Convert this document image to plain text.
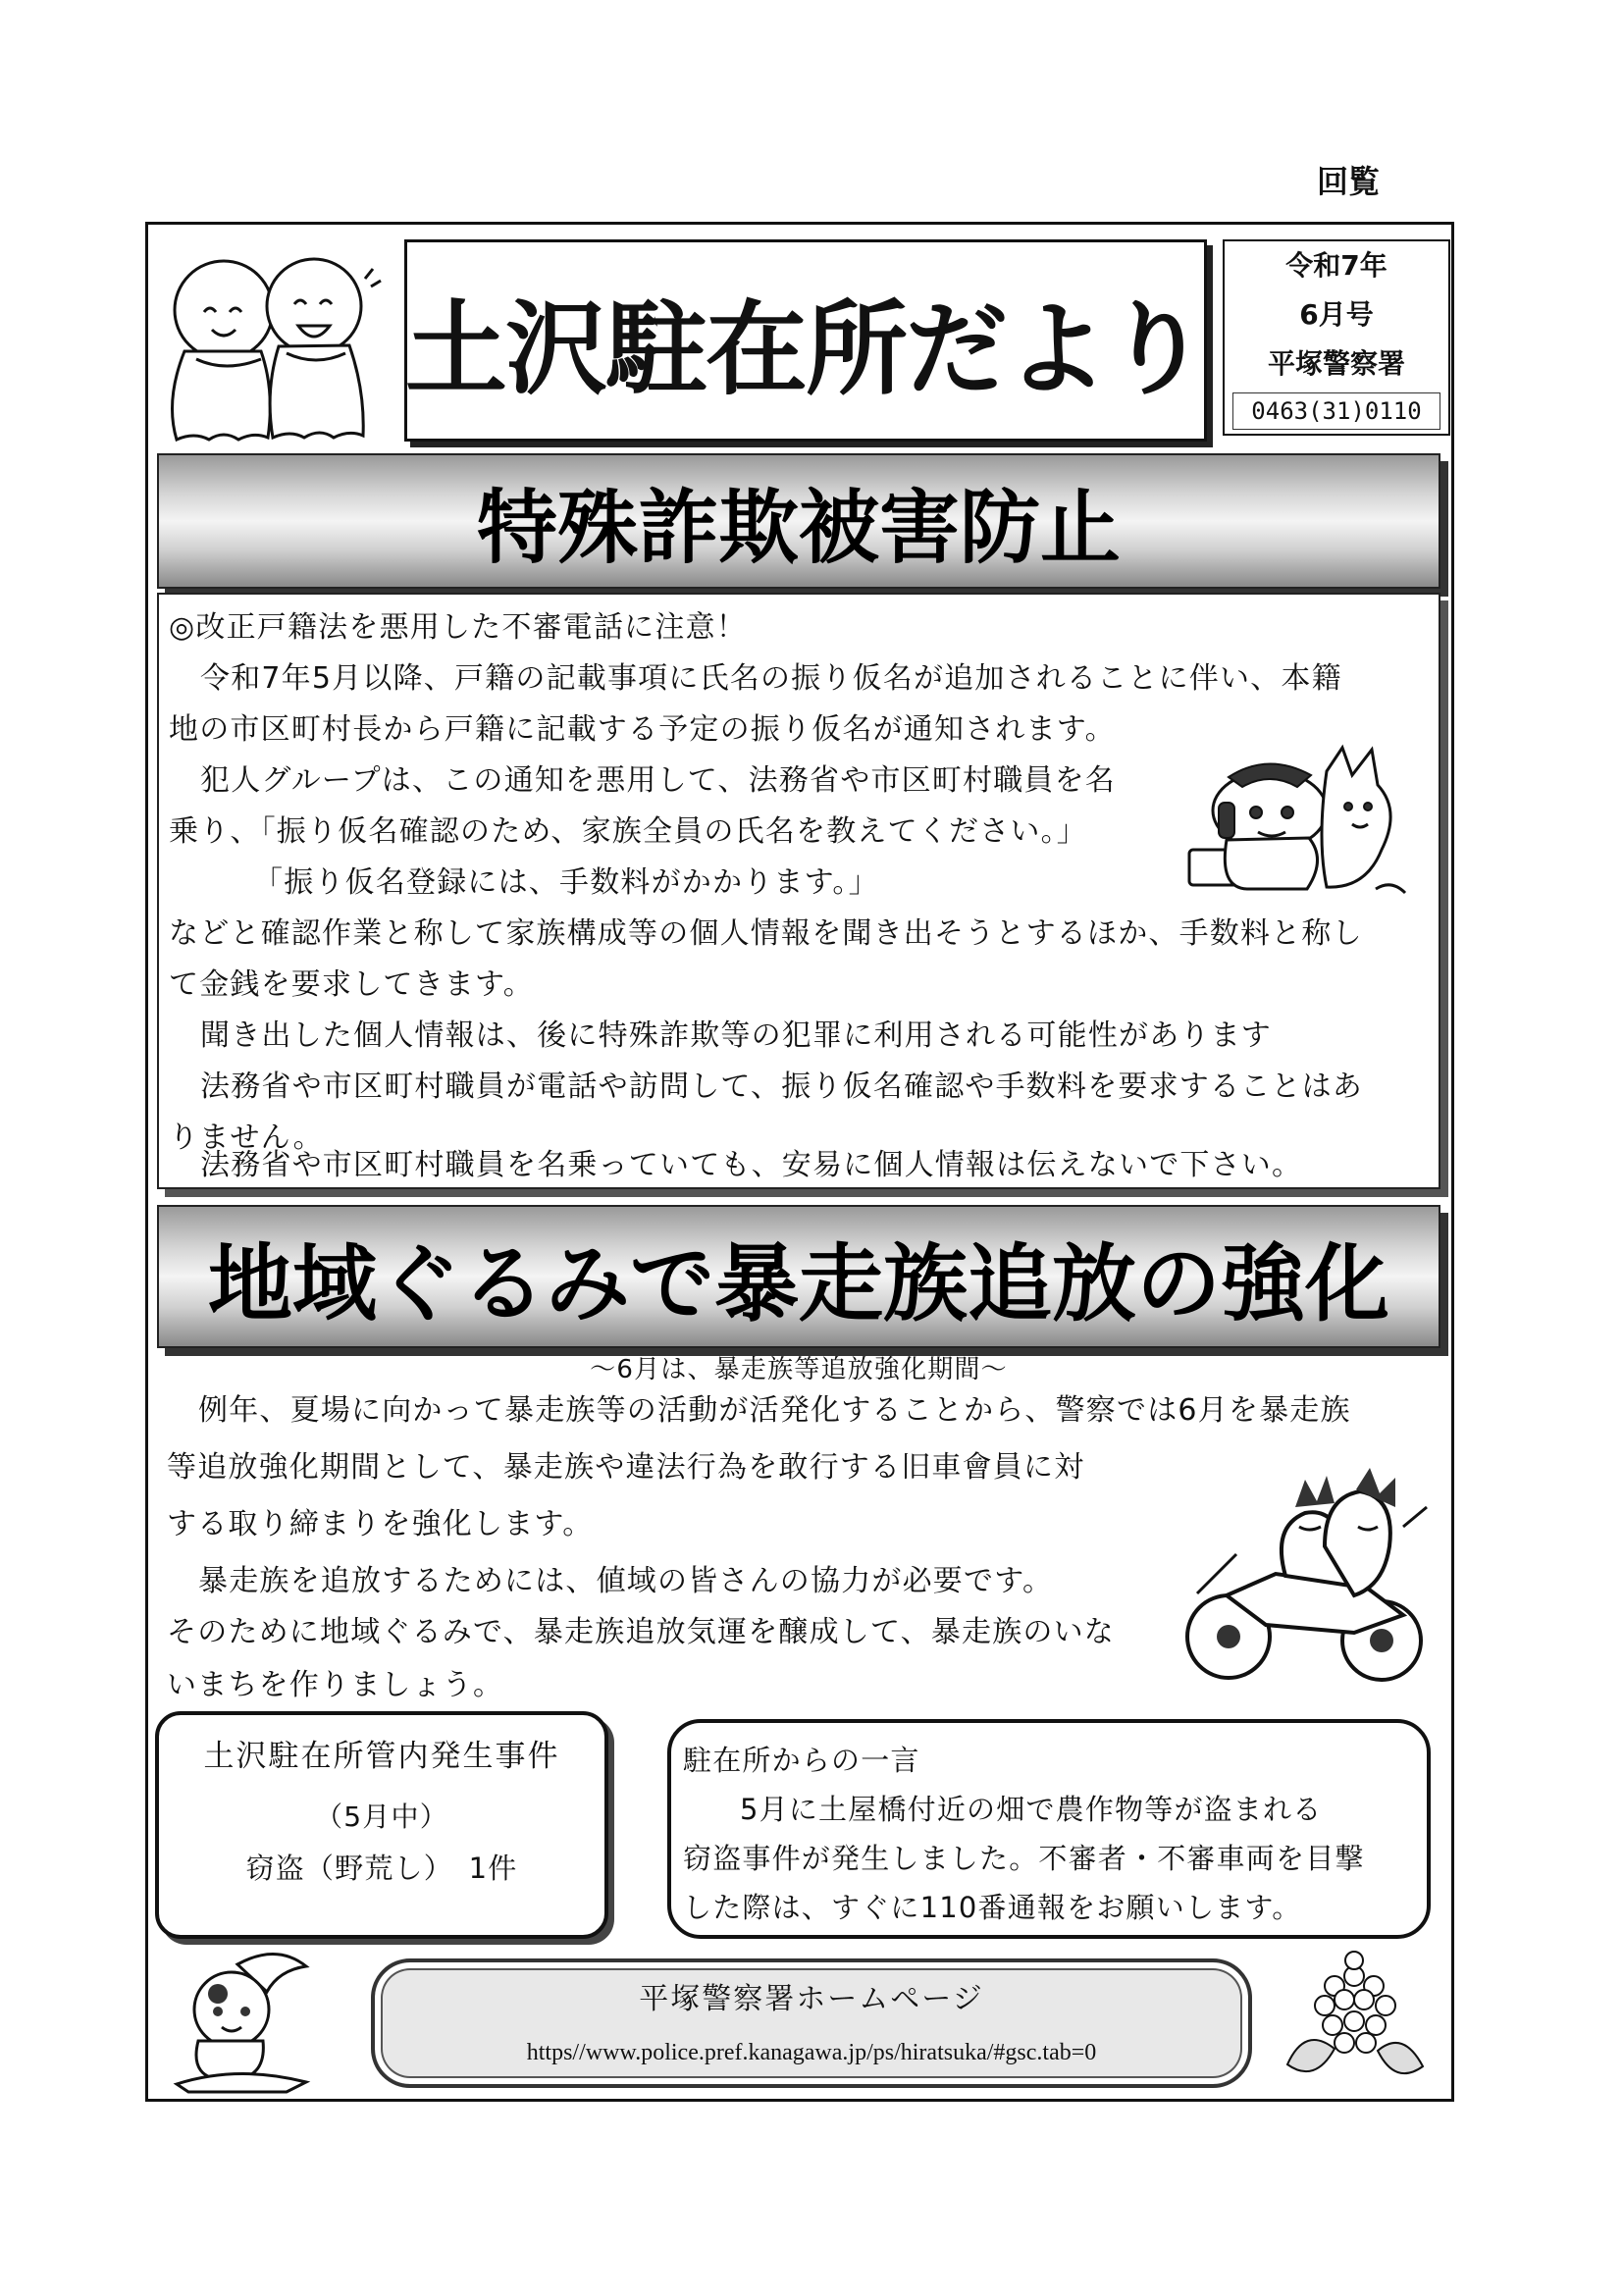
回覧
土沢駐在所だより
令和7年
6月号
平塚警察署
0463(31)0110
特殊詐欺被害防止
◎改正戸籍法を悪用した不審電話に注意！
令和7年5月以降、戸籍の記載事項に氏名の振り仮名が追加されることに伴い、本籍
地の市区町村長から戸籍に記載する予定の振り仮名が通知されます。
犯人グループは、この通知を悪用して、法務省や市区町村職員を名
乗り、「振り仮名確認のため、家族全員の氏名を教えてください。」
「振り仮名登録には、手数料がかかります。」
などと確認作業と称して家族構成等の個人情報を聞き出そうとするほか、手数料と称し
て金銭を要求してきます。
聞き出した個人情報は、後に特殊詐欺等の犯罪に利用される可能性があります
法務省や市区町村職員が電話や訪問して、振り仮名確認や手数料を要求することはあ
りません。
法務省や市区町村職員を名乗っていても、安易に個人情報は伝えないで下さい。
地域ぐるみで暴走族追放の強化
～6月は、暴走族等追放強化期間～
例年、夏場に向かって暴走族等の活動が活発化することから、警察では6月を暴走族
等追放強化期間として、暴走族や違法行為を敢行する旧車會員に対
する取り締まりを強化します。
暴走族を追放するためには、値域の皆さんの協力が必要です。
そのために地域ぐるみで、暴走族追放気運を醸成して、暴走族のいな
いまちを作りましょう。
土沢駐在所管内発生事件
（5月中）
窃盗（野荒し）　1件
駐在所からの一言
5月に土屋橋付近の畑で農作物等が盗まれる
窃盗事件が発生しました。不審者・不審車両を目撃
した際は、すぐに110番通報をお願いします。
平塚警察署ホームページ
https//www.police.pref.kanagawa.jp/ps/hiratsuka/#gsc.tab=0
